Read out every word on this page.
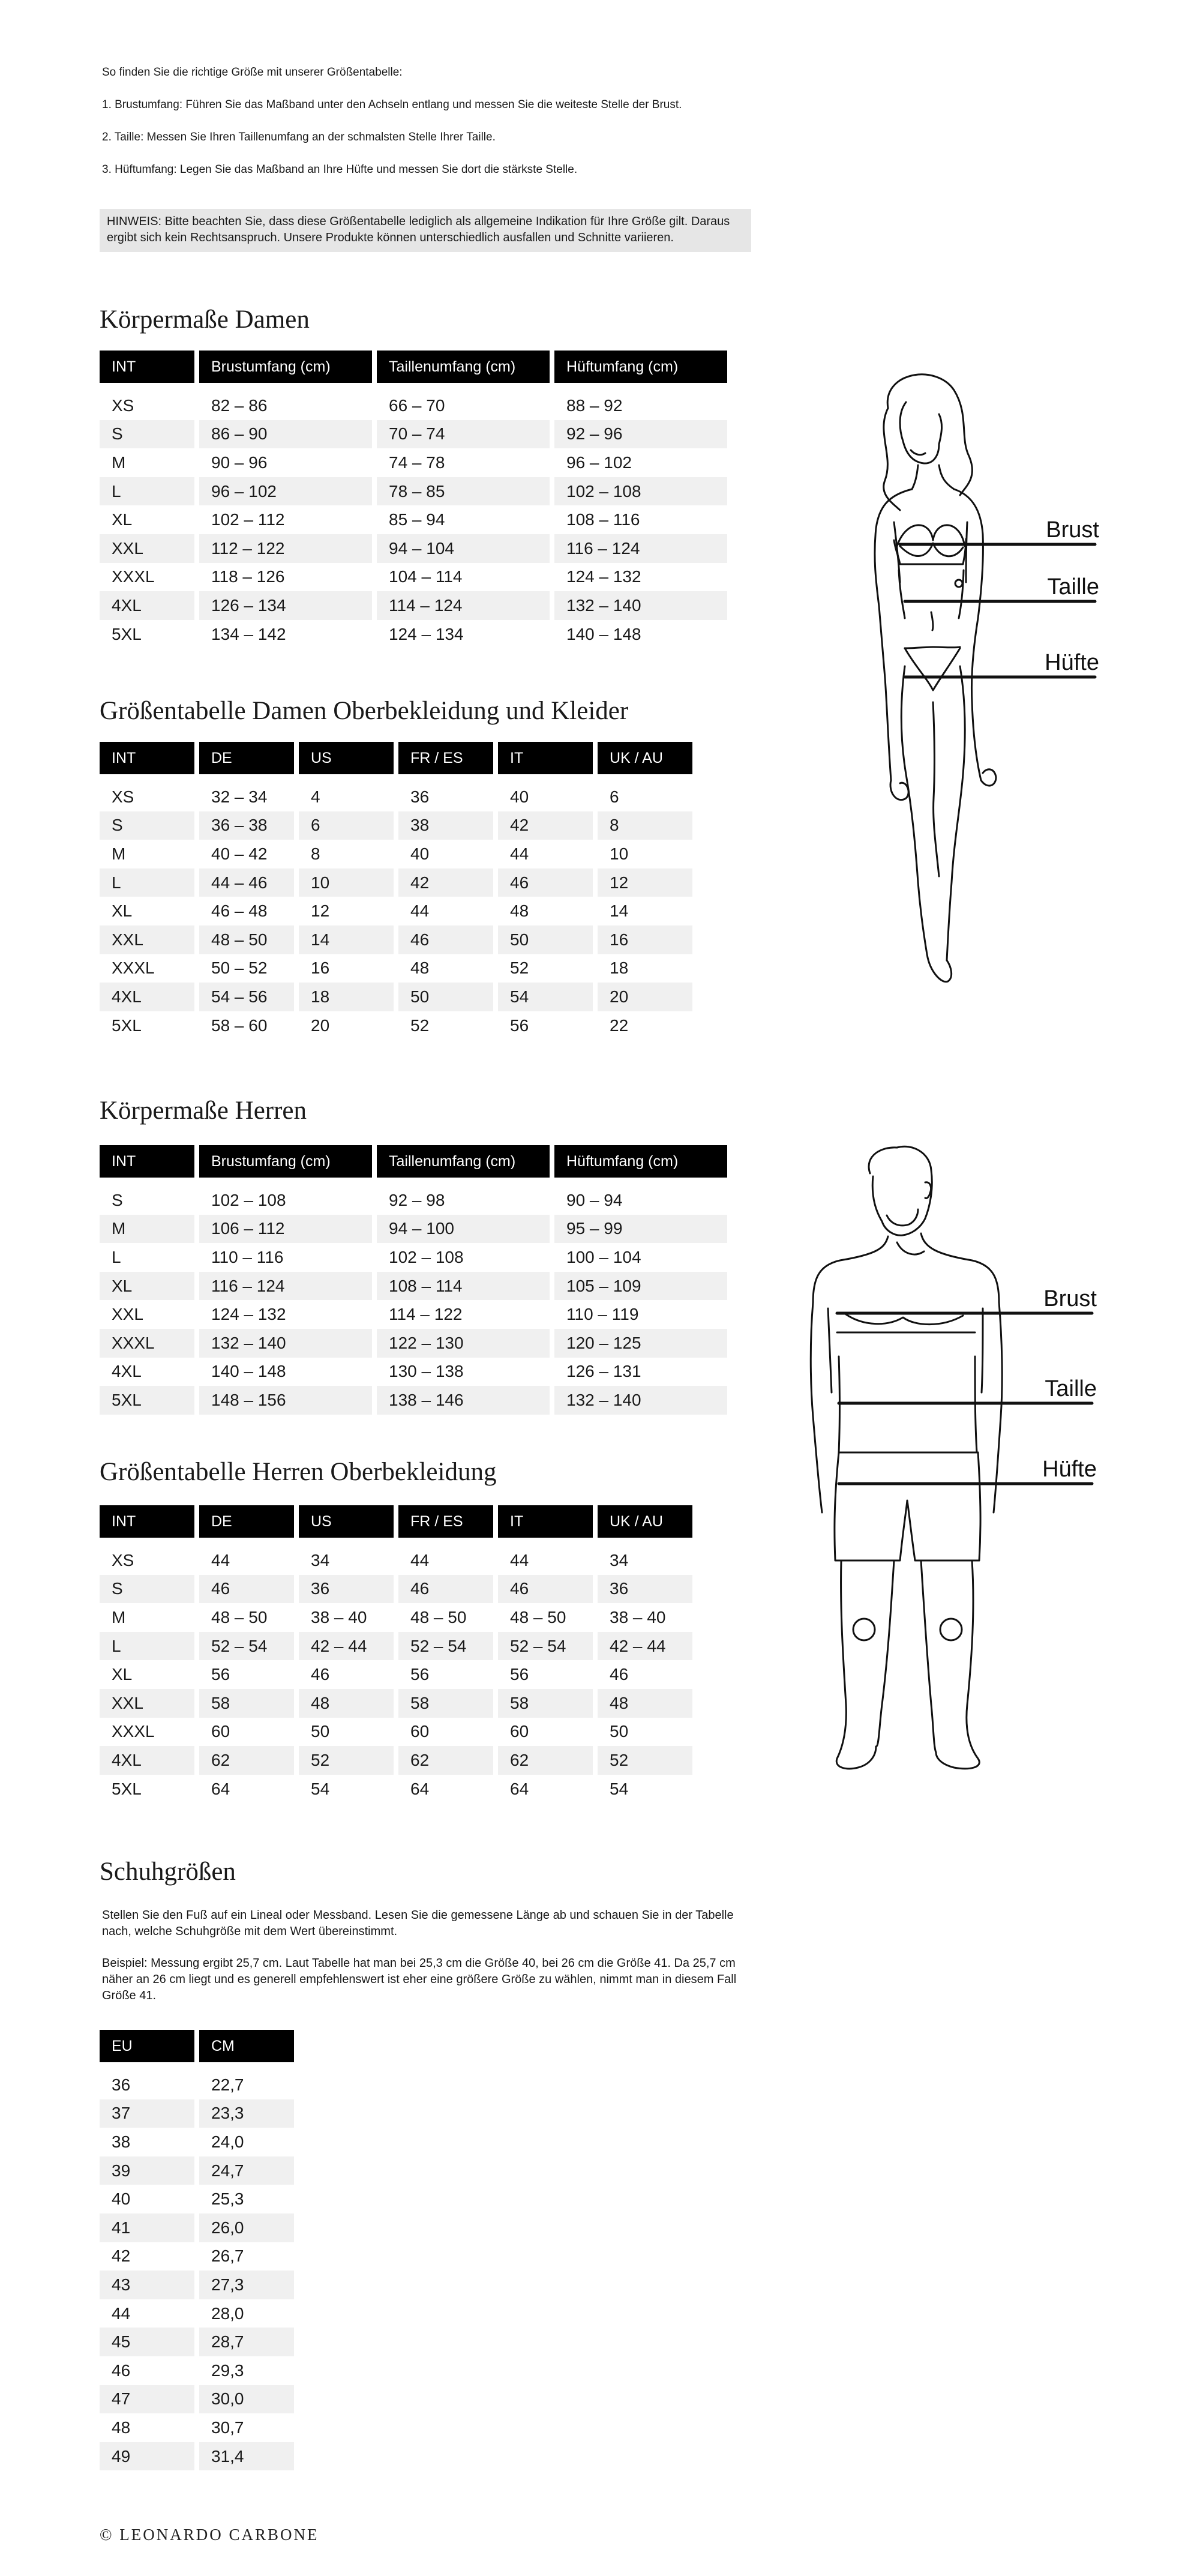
So finden Sie die richtige Größe mit unserer Größentabelle:

1. Brustumfang: Führen Sie das Maßband unter den Achseln entlang und messen Sie die weiteste Stelle der Brust.

2. Taille: Messen Sie Ihren Taillenumfang an der schmalsten Stelle Ihrer Taille.

3. Hüftumfang: Legen Sie das Maßband an Ihre Hüfte und messen Sie dort die stärkste Stelle.

HINWEIS: Bitte beachten Sie, dass diese Größentabelle lediglich als allgemeine Indikation für Ihre Größe gilt. Daraus ergibt sich kein Rechtsanspruch. Unsere Produkte können unterschiedlich ausfallen und Schnitte variieren.
Körpermaße Damen
Größentabelle Damen Oberbekleidung und Kleider
Körpermaße Herren
Größentabelle Herren Oberbekleidung
Schuhgrößen
INT	Brustumfang (cm)	Taillenumfang (cm)	Hüftumfang (cm)

XS	82 – 86	66 – 70	88 – 92
S	86 – 90	70 – 74	92 – 96
M	90 – 96	74 – 78	96 – 102
L	96 – 102	78 – 85	102 – 108
XL	102 – 112	85 – 94	108 – 116
XXL	112 – 122	94 – 104	116 – 124
XXXL	118 – 126	104 – 114	124 – 132
4XL	126 – 134	114 – 124	132 – 140
5XL	134 – 142	124 – 134	140 – 148
INT	DE	US	FR / ES	IT	UK / AU

XS	32 – 34	4	36	40	6
S	36 – 38	6	38	42	8
M	40 – 42	8	40	44	10
L	44 – 46	10	42	46	12
XL	46 – 48	12	44	48	14
XXL	48 – 50	14	46	50	16
XXXL	50 – 52	16	48	52	18
4XL	54 – 56	18	50	54	20
5XL	58 – 60	20	52	56	22
INT	Brustumfang (cm)	Taillenumfang (cm)	Hüftumfang (cm)

S	102 – 108	92 – 98	90 – 94
M	106 – 112	94 – 100	95 – 99
L	110 – 116	102 – 108	100 – 104
XL	116 – 124	108 – 114	105 – 109
XXL	124 – 132	114 – 122	110 – 119
XXXL	132 – 140	122 – 130	120 – 125
4XL	140 – 148	130 – 138	126 – 131
5XL	148 – 156	138 – 146	132 – 140
INT	DE	US	FR / ES	IT	UK / AU

XS	44	34	44	44	34
S	46	36	46	46	36
M	48 – 50	38 – 40	48 – 50	48 – 50	38 – 40
L	52 – 54	42 – 44	52 – 54	52 – 54	42 – 44
XL	56	46	56	56	46
XXL	58	48	58	58	48
XXXL	60	50	60	60	50
4XL	62	52	62	62	52
5XL	64	54	64	64	54

Stellen Sie den Fuß auf ein Lineal oder Messband. Lesen Sie die gemessene Länge ab und schauen Sie in der Tabelle nach, welche Schuhgröße mit dem Wert übereinstimmt.

Beispiel: Messung ergibt 25,7 cm. Laut Tabelle hat man bei 25,3 cm die Größe 40, bei 26 cm die Größe 41. Da 25,7 cm näher an 26 cm liegt und es generell empfehlenswert ist eher eine größere Größe zu wählen, nimmt man in diesem Fall Größe 41.

EU	CM

36	22,7
37	23,3
38	24,0
39	24,7
40	25,3
41	26,0
42	26,7
43	27,3
44	28,0
45	28,7
46	29,3
47	30,0
48	30,7
49	31,4
Brust
Taille
Hüfte
Brust
Taille
Hüfte
© LEONARDO CARBONE
